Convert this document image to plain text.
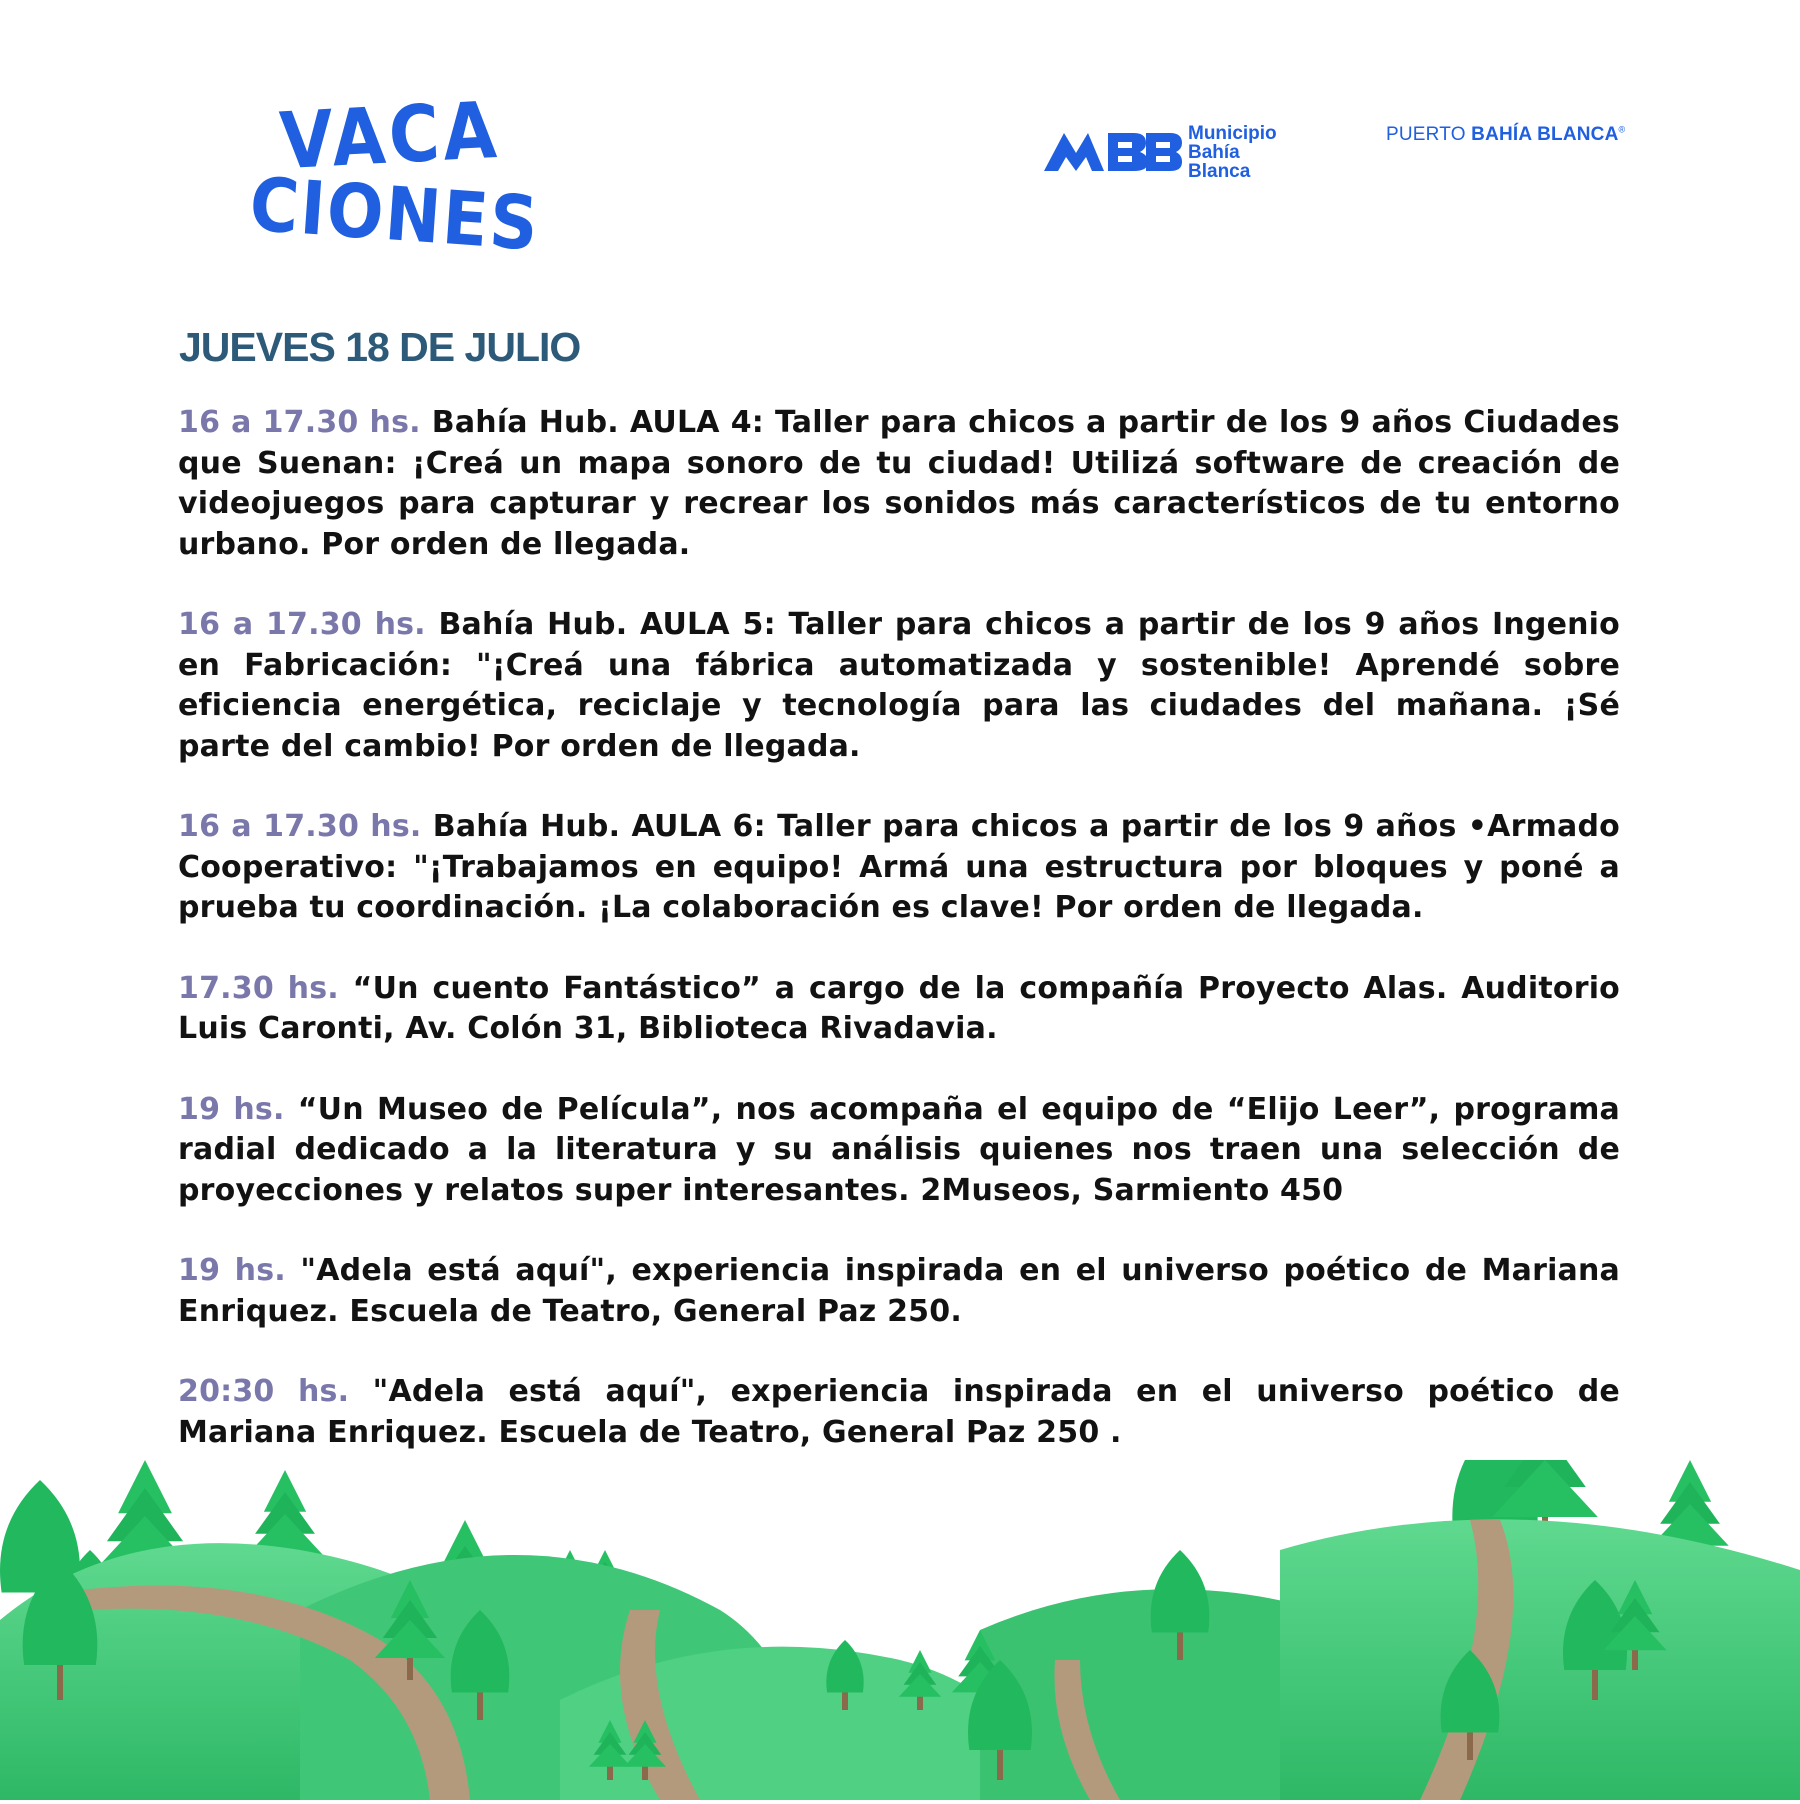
VACA
CIONES
Municipio
Bahía
Blanca
PUERTO BAHÍA BLANCA®
JUEVES 18 DE JULIO

16 a 17.30 hs. Bahía Hub. AULA 4: Taller para chicos a partir de los 9 años Ciudades que Suenan: ¡Creá un mapa sonoro de tu ciudad! Utilizá software de creación de videojuegos para capturar y recrear los sonidos más característicos de tu entorno urbano. Por orden de llegada.

16 a 17.30 hs. Bahía Hub. AULA 5: Taller para chicos a partir de los 9 años Ingenio en Fabricación: "¡Creá una fábrica automatizada y sostenible! Aprendé sobre eficiencia energética, reciclaje y tecnología para las ciudades del mañana. ¡Sé parte del cambio! Por orden de llegada.

16 a 17.30 hs. Bahía Hub. AULA 6: Taller para chicos a partir de los 9 años •Armado Cooperativo: "¡Trabajamos en equipo! Armá una estructura por bloques y poné a prueba tu coordinación. ¡La colaboración es clave! Por orden de llegada.

17.30 hs. “Un cuento Fantástico” a cargo de la compañía Proyecto Alas. Auditorio Luis Caronti, Av. Colón 31, Biblioteca Rivadavia.

19 hs. “Un Museo de Película”, nos acompaña el equipo de “Elijo Leer”, programa radial dedicado a la literatura y su análisis quienes nos traen una selección de proyecciones y relatos super interesantes. 2Museos, Sarmiento 450

19 hs. "Adela está aquí", experiencia inspirada en el universo poético de Mariana Enriquez. Escuela de Teatro, General Paz 250.

20:30 hs. "Adela está aquí", experiencia inspirada en el universo poético de Mariana Enriquez. Escuela de Teatro, General Paz 250 .
